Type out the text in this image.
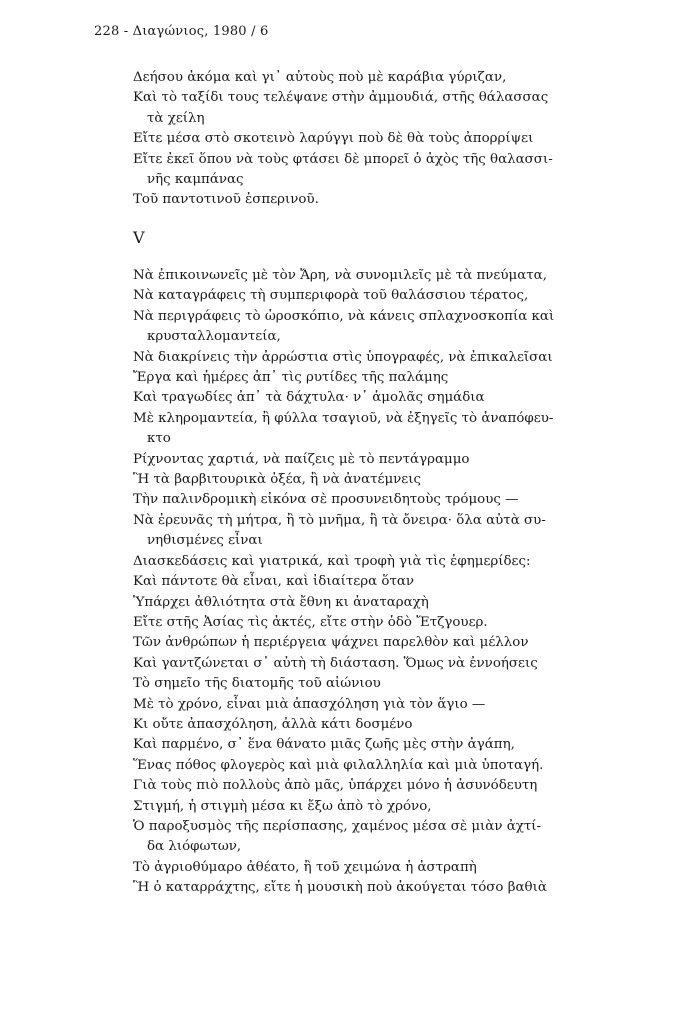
228 - Διαγώνιος, 1980 / 6
Δεήσου ἀκόμα καὶ γι᾽ αὐτοὺς ποὺ μὲ καράβια γύριζαν,
Καὶ τὸ ταξίδι τους τελέψανε στὴν ἀμμουδιά, στῆς θάλασσας
τὰ χείλη
Εἴτε μέσα στὸ σκοτεινὸ λαρύγγι ποὺ δὲ θὰ τοὺς ἀπορρίψει
Εἴτε ἐκεῖ ὅπου νὰ τοὺς φτάσει δὲ μπορεῖ ὁ ἀχὸς τῆς θαλασσι-
νῆς καμπάνας
Τοῦ παντοτινοῦ ἑσπερινοῦ.
V
Νὰ ἐπικοινωνεῖς μὲ τὸν Ἄρη, νὰ συνομιλεῖς μὲ τὰ πνεύματα,
Νὰ καταγράφεις τὴ συμπεριφορὰ τοῦ θαλάσσιου τέρατος,
Νὰ περιγράφεις τὸ ὡροσκόπιο, νὰ κάνεις σπλαχνοσκοπία καὶ
κρυσταλλομαντεία,
Νὰ διακρίνεις τὴν ἀρρώστια στὶς ὑπογραφές, νὰ ἐπικαλεῖσαι
Ἔργα καὶ ἡμέρες ἀπ᾽ τὶς ρυτίδες τῆς παλάμης
Καὶ τραγωδίες ἀπ᾽ τὰ δάχτυλα· ν᾽ ἀμολᾶς σημάδια
Μὲ κληρομαντεία, ἢ φύλλα τσαγιοῦ, νὰ ἐξηγεῖς τὸ ἀναπόφευ-
κτο
Ρίχνοντας χαρτιά, νὰ παίζεις μὲ τὸ πεντάγραμμο
Ἢ τὰ βαρβιτουρικὰ ὀξέα, ἢ νὰ ἀνατέμνεις
Τὴν παλινδρομικὴ εἰκόνα σὲ προσυνειδητοὺς τρόμους —
Νὰ ἐρευνᾶς τὴ μήτρα, ἢ τὸ μνῆμα, ἢ τὰ ὄνειρα· ὅλα αὐτὰ συ-
νηθισμένες εἶναι
Διασκεδάσεις καὶ γιατρικά, καὶ τροφὴ γιὰ τὶς ἐφημερίδες:
Καὶ πάντοτε θὰ εἶναι, καὶ ἰδιαίτερα ὅταν
Ὑπάρχει ἀθλιότητα στὰ ἔθνη κι ἀναταραχὴ
Εἴτε στῆς Ἀσίας τὶς ἀκτές, εἴτε στὴν ὁδὸ Ἔτζγουερ.
Τῶν ἀνθρώπων ἡ περιέργεια ψάχνει παρελθὸν καὶ μέλλον
Καὶ γαντζώνεται σ᾽ αὐτὴ τὴ διάσταση. Ὅμως νὰ ἐννοήσεις
Τὸ σημεῖο τῆς διατομῆς τοῦ αἰώνιου
Μὲ τὸ χρόνο, εἶναι μιὰ ἀπασχόληση γιὰ τὸν ἅγιο —
Κι οὔτε ἀπασχόληση, ἀλλὰ κάτι δοσμένο
Καὶ παρμένο, σ᾽ ἕνα θάνατο μιᾶς ζωῆς μὲς στὴν ἀγάπη,
Ἕνας πόθος φλογερὸς καὶ μιὰ φιλαλληλία καὶ μιὰ ὑποταγή.
Γιὰ τοὺς πιὸ πολλοὺς ἀπὸ μᾶς, ὑπάρχει μόνο ἡ ἀσυνόδευτη
Στιγμή, ἡ στιγμὴ μέσα κι ἔξω ἀπὸ τὸ χρόνο,
Ὁ παροξυσμὸς τῆς περίσπασης, χαμένος μέσα σὲ μιὰν ἀχτί-
δα λιόφωτων,
Τὸ ἀγριοθύμαρο ἀθέατο, ἢ τοῦ χειμώνα ἡ ἀστραπὴ
Ἢ ὁ καταρράχτης, εἴτε ἡ μουσικὴ ποὺ ἀκούγεται τόσο βαθιὰ
